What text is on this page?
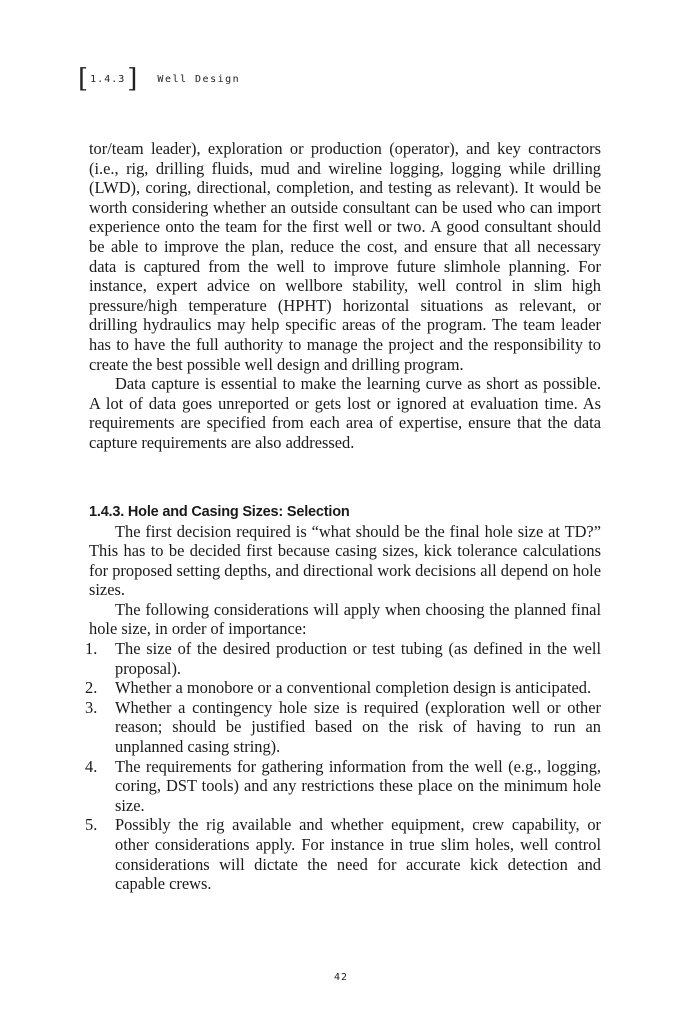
[ 1.4.3 ] Well Design

tor/team leader), exploration or production (operator), and key contractors (i.e., rig, drilling fluids, mud and wireline logging, logging while drilling (LWD), coring, directional, completion, and testing as relevant). It would be worth considering whether an outside consultant can be used who can import experience onto the team for the first well or two. A good consultant should be able to improve the plan, reduce the cost, and ensure that all necessary data is captured from the well to improve future slimhole planning. For instance, expert advice on wellbore stability, well control in slim high pressure/high temperature (HPHT) horizontal situations as relevant, or drilling hydraulics may help specific areas of the program. The team leader has to have the full authority to manage the project and the responsibility to create the best possible well design and drilling program.

Data capture is essential to make the learning curve as short as possible. A lot of data goes unreported or gets lost or ignored at evaluation time. As requirements are specified from each area of expertise, ensure that the data capture requirements are also addressed.

1.4.3. Hole and Casing Sizes: Selection

The first decision required is “what should be the final hole size at TD?” This has to be decided first because casing sizes, kick tolerance calculations for proposed setting depths, and directional work decisions all depend on hole sizes.

The following considerations will apply when choosing the planned final hole size, in order of importance:

1.	The size of the desired production or test tubing (as defined in the well proposal).
2.	Whether a monobore or a conventional completion design is anticipated.
3.	Whether a contingency hole size is required (exploration well or other reason; should be justified based on the risk of having to run an unplanned casing string).
4.	The requirements for gathering information from the well (e.g., logging, coring, DST tools) and any restrictions these place on the minimum hole size.
5.	Possibly the rig available and whether equipment, crew capability, or other considerations apply. For instance in true slim holes, well control considerations will dictate the need for accurate kick detection and capable crews.
42
